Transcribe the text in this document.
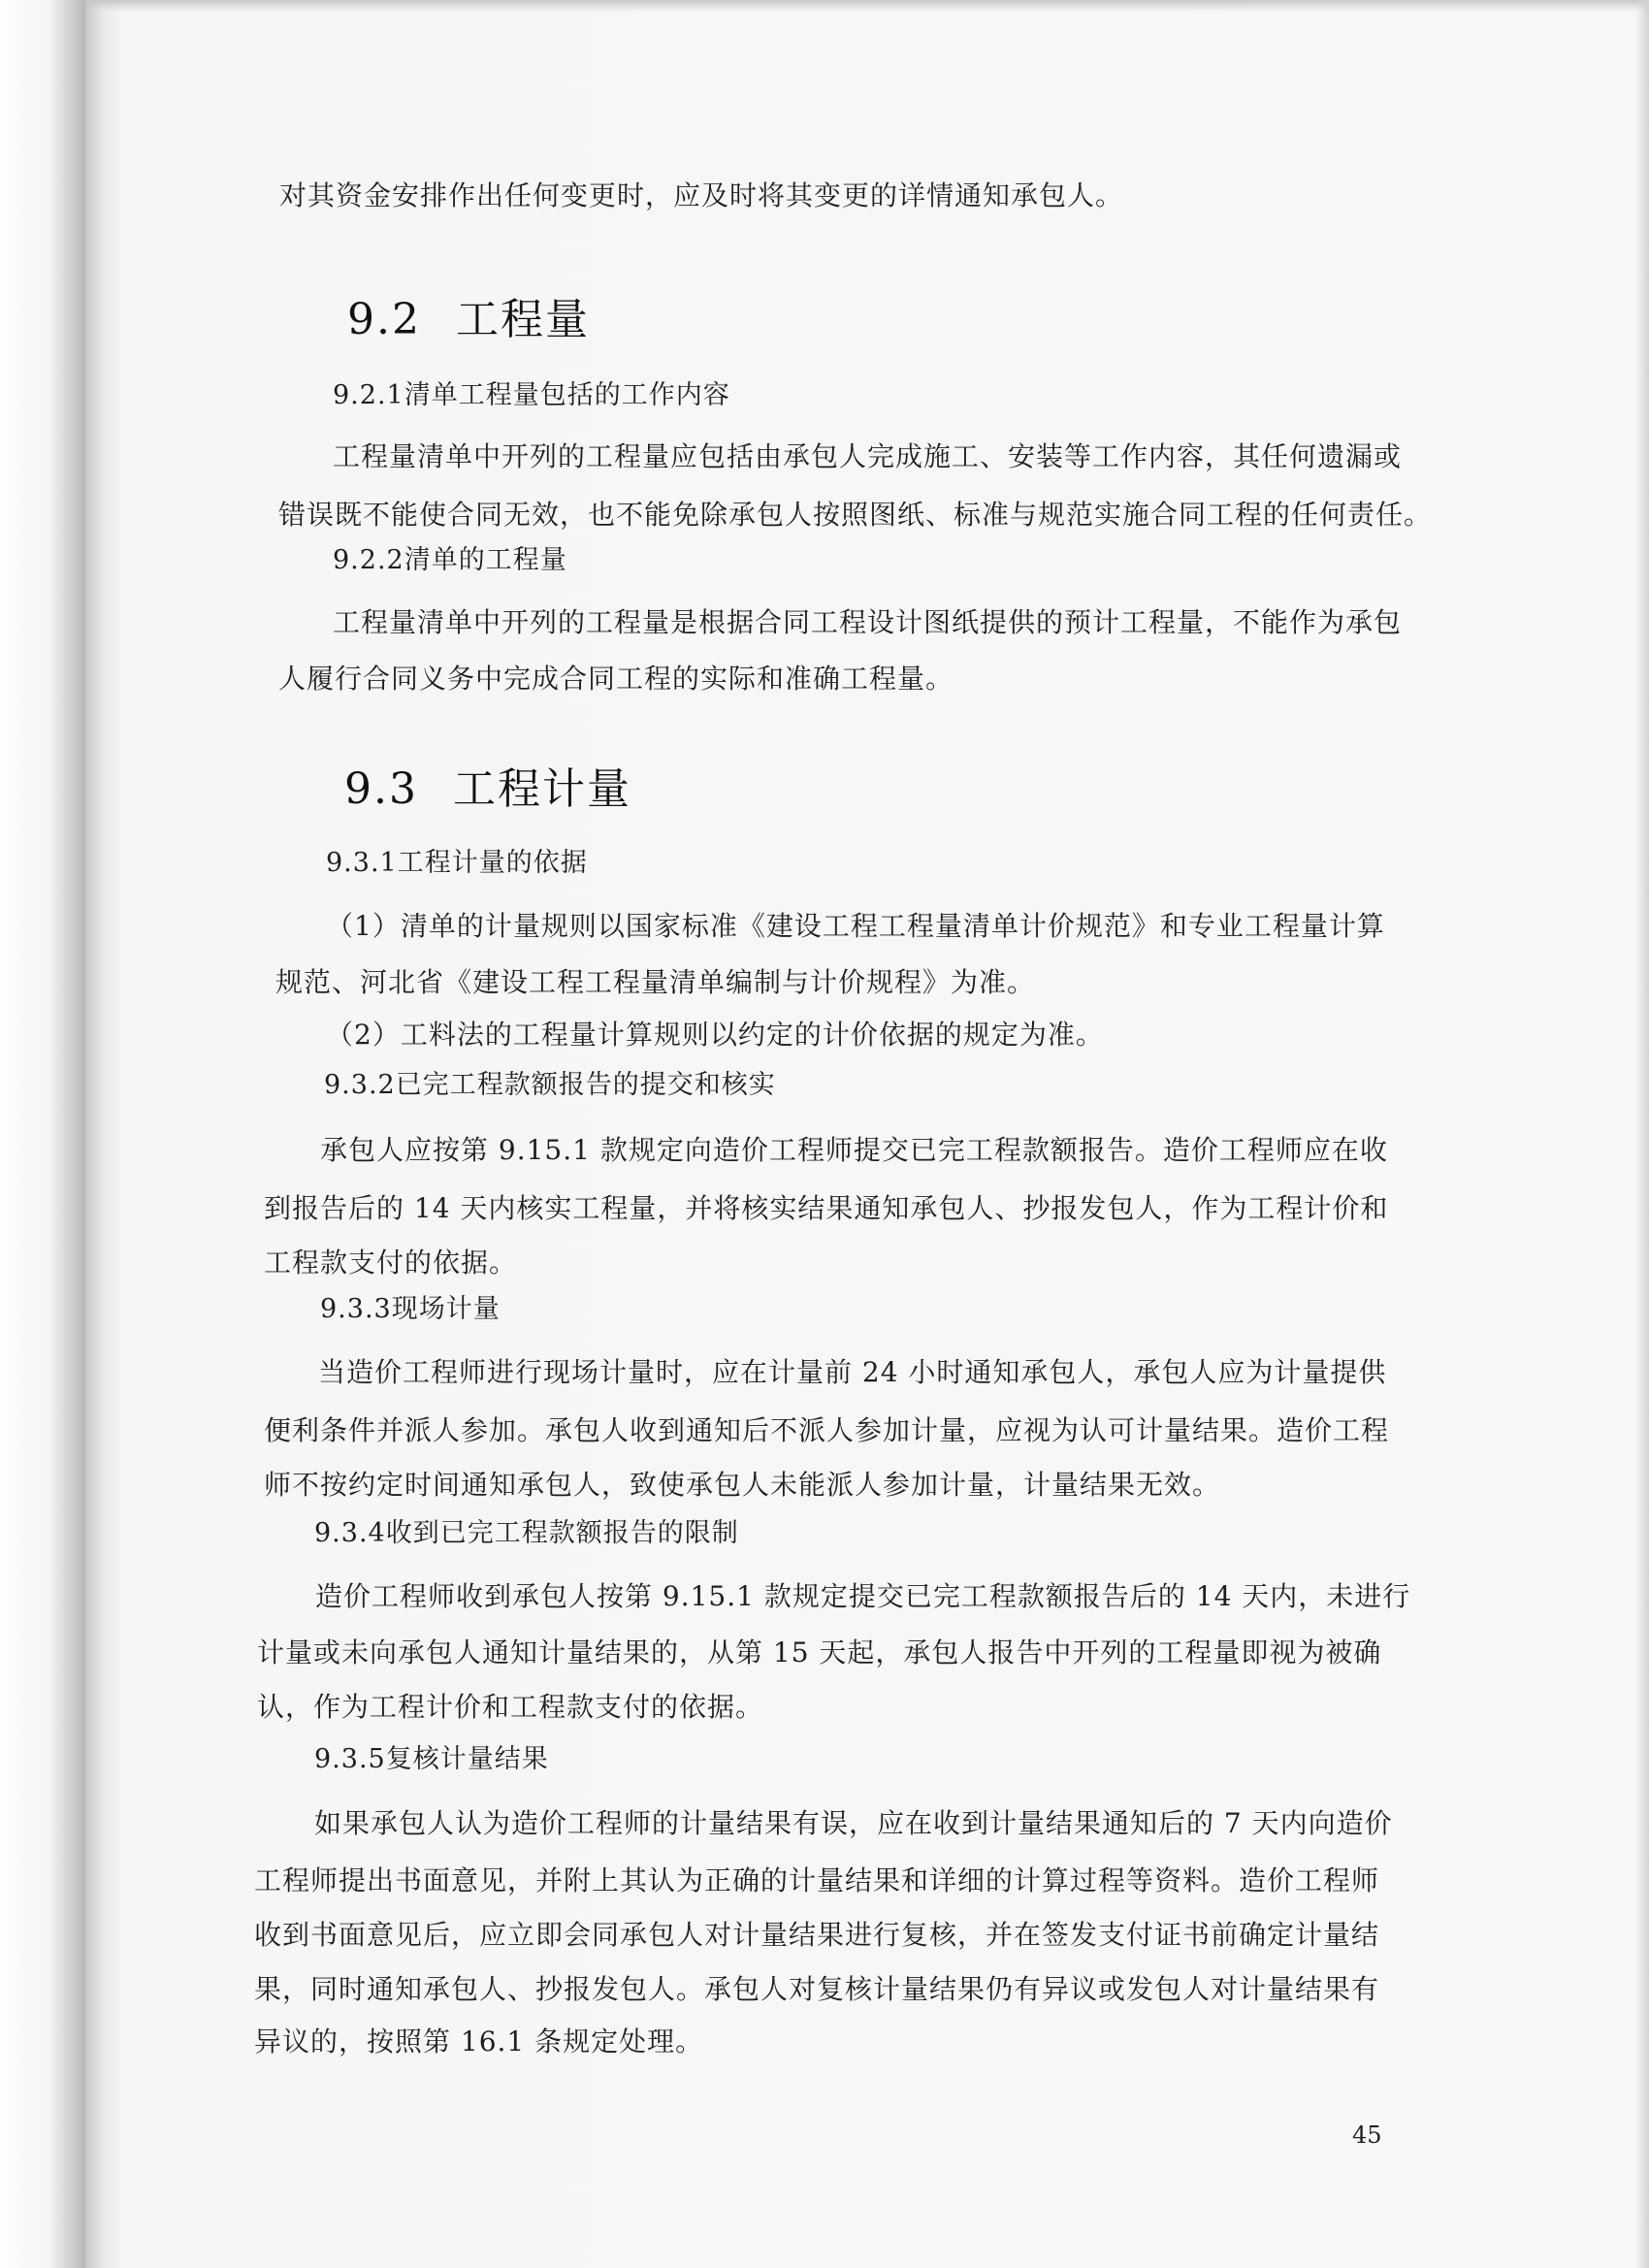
对其资金安排作出任何变更时，应及时将其变更的详情通知承包人。
9.2 工程量
9.2.1清单工程量包括的工作内容
工程量清单中开列的工程量应包括由承包人完成施工、安装等工作内容，其任何遗漏或
错误既不能使合同无效，也不能免除承包人按照图纸、标准与规范实施合同工程的任何责任。
9.2.2清单的工程量
工程量清单中开列的工程量是根据合同工程设计图纸提供的预计工程量，不能作为承包
人履行合同义务中完成合同工程的实际和准确工程量。
9.3 工程计量
9.3.1工程计量的依据
（1）清单的计量规则以国家标准《建设工程工程量清单计价规范》和专业工程量计算
规范、河北省《建设工程工程量清单编制与计价规程》为准。
（2）工料法的工程量计算规则以约定的计价依据的规定为准。
9.3.2已完工程款额报告的提交和核实
承包人应按第 9.15.1 款规定向造价工程师提交已完工程款额报告。造价工程师应在收
到报告后的 14 天内核实工程量，并将核实结果通知承包人、抄报发包人，作为工程计价和
工程款支付的依据。
9.3.3现场计量
当造价工程师进行现场计量时，应在计量前 24 小时通知承包人，承包人应为计量提供
便利条件并派人参加。承包人收到通知后不派人参加计量，应视为认可计量结果。造价工程
师不按约定时间通知承包人，致使承包人未能派人参加计量，计量结果无效。
9.3.4收到已完工程款额报告的限制
造价工程师收到承包人按第 9.15.1 款规定提交已完工程款额报告后的 14 天内，未进行
计量或未向承包人通知计量结果的，从第 15 天起，承包人报告中开列的工程量即视为被确
认，作为工程计价和工程款支付的依据。
9.3.5复核计量结果
如果承包人认为造价工程师的计量结果有误，应在收到计量结果通知后的 7 天内向造价
工程师提出书面意见，并附上其认为正确的计量结果和详细的计算过程等资料。造价工程师
收到书面意见后，应立即会同承包人对计量结果进行复核，并在签发支付证书前确定计量结
果，同时通知承包人、抄报发包人。承包人对复核计量结果仍有异议或发包人对计量结果有
异议的，按照第 16.1 条规定处理。
45
